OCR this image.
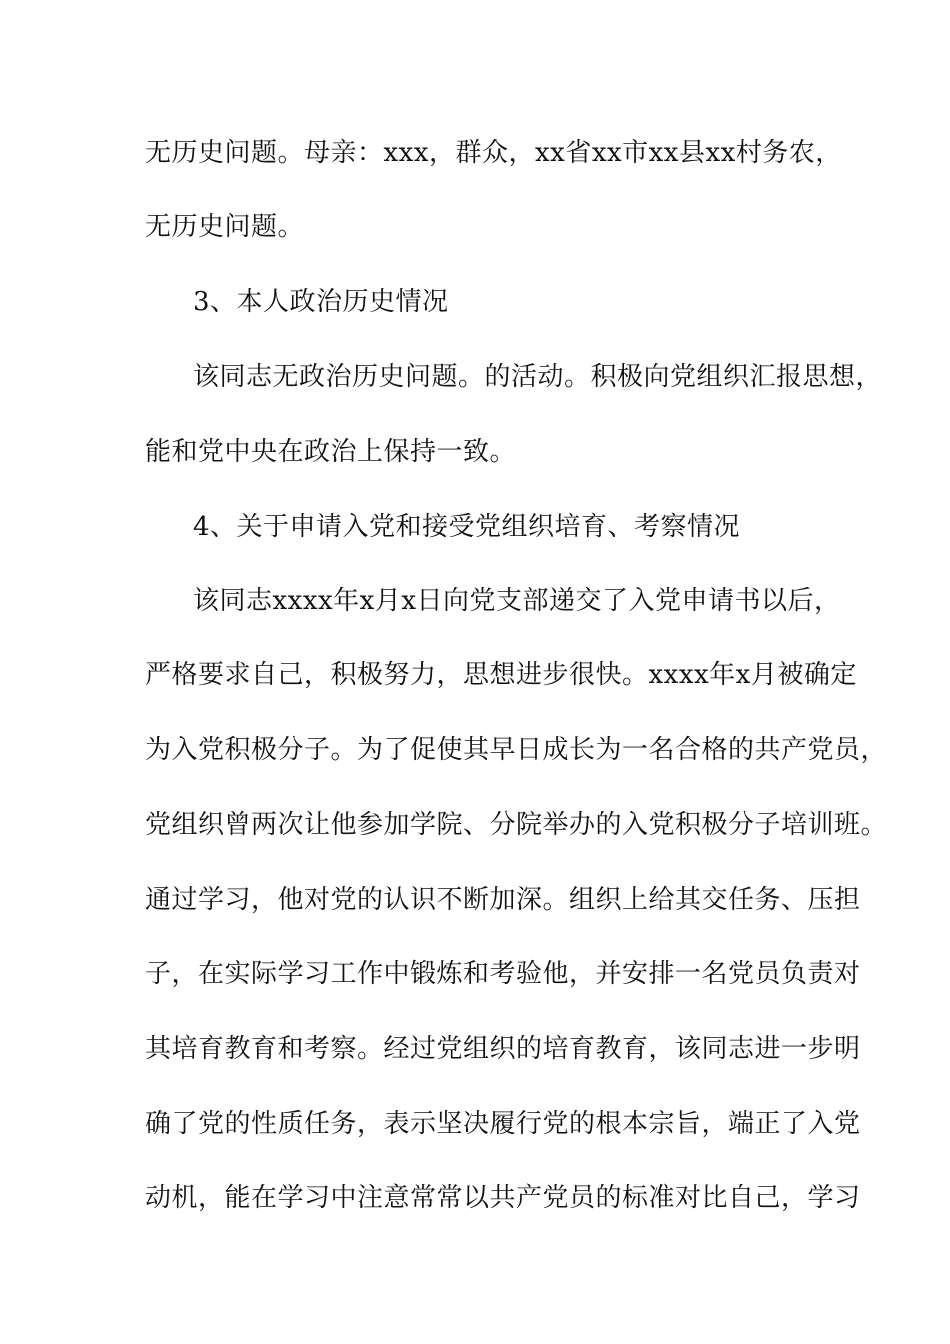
无历史问题。母亲：xxx，群众，xx省xx市xx县xx村务农，
无历史问题。
3、本人政治历史情况
该同志无政治历史问题。的活动。积极向党组织汇报思想，
能和党中央在政治上保持一致。
4、关于申请入党和接受党组织培育、考察情况
该同志xxxx年x月x日向党支部递交了入党申请书以后，
严格要求自己，积极努力，思想进步很快。xxxx年x月被确定
为入党积极分子。为了促使其早日成长为一名合格的共产党员，
党组织曾两次让他参加学院、分院举办的入党积极分子培训班。
通过学习，他对党的认识不断加深。组织上给其交任务、压担
子，在实际学习工作中锻炼和考验他，并安排一名党员负责对
其培育教育和考察。经过党组织的培育教育，该同志进一步明
确了党的性质任务，表示坚决履行党的根本宗旨，端正了入党
动机，能在学习中注意常常以共产党员的标准对比自己，学习
